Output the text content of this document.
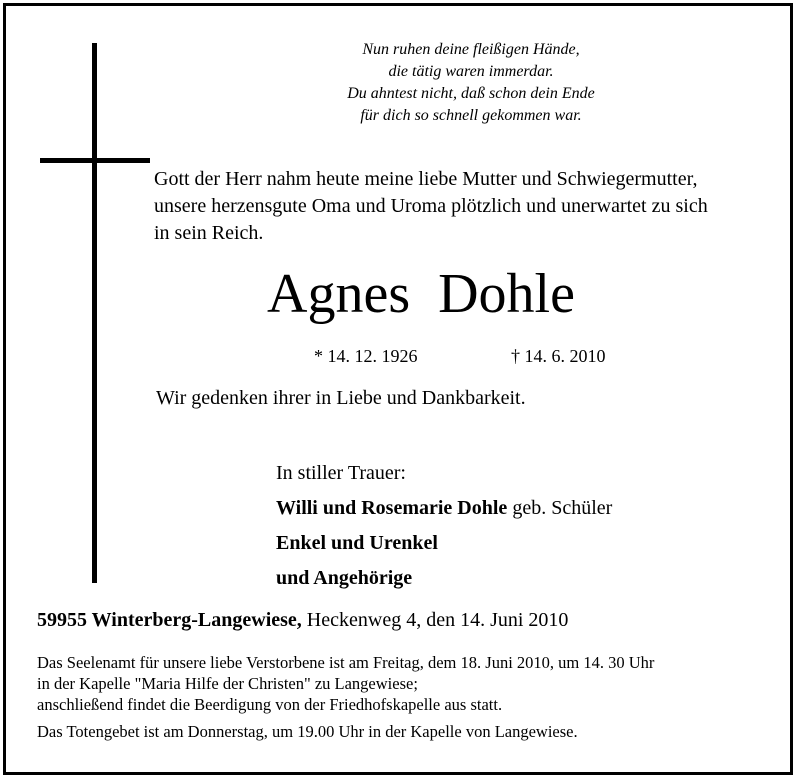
Nun ruhen deine fleißigen Hände,
die tätig waren immerdar.
Du ahntest nicht, daß schon dein Ende
für dich so schnell gekommen war.
Gott der Herr nahm heute meine liebe Mutter und Schwiegermutter,
unsere herzensgute Oma und Uroma plötzlich und unerwartet zu sich
in sein Reich.
Agnes  Dohle
* 14. 12. 1926	† 14. 6. 2010
Wir gedenken ihrer in Liebe und Dankbarkeit.
In stiller Trauer:
Willi und Rosemarie Dohle geb. Schüler
Enkel und Urenkel
und Angehörige
59955 Winterberg-Langewiese, Heckenweg 4, den 14. Juni 2010
Das Seelenamt für unsere liebe Verstorbene ist am Freitag, dem 18. Juni 2010, um 14. 30 Uhr
in der Kapelle "Maria Hilfe der Christen" zu Langewiese;
anschließend findet die Beerdigung von der Friedhofskapelle aus statt.
Das Totengebet ist am Donnerstag, um 19.00 Uhr in der Kapelle von Langewiese.
